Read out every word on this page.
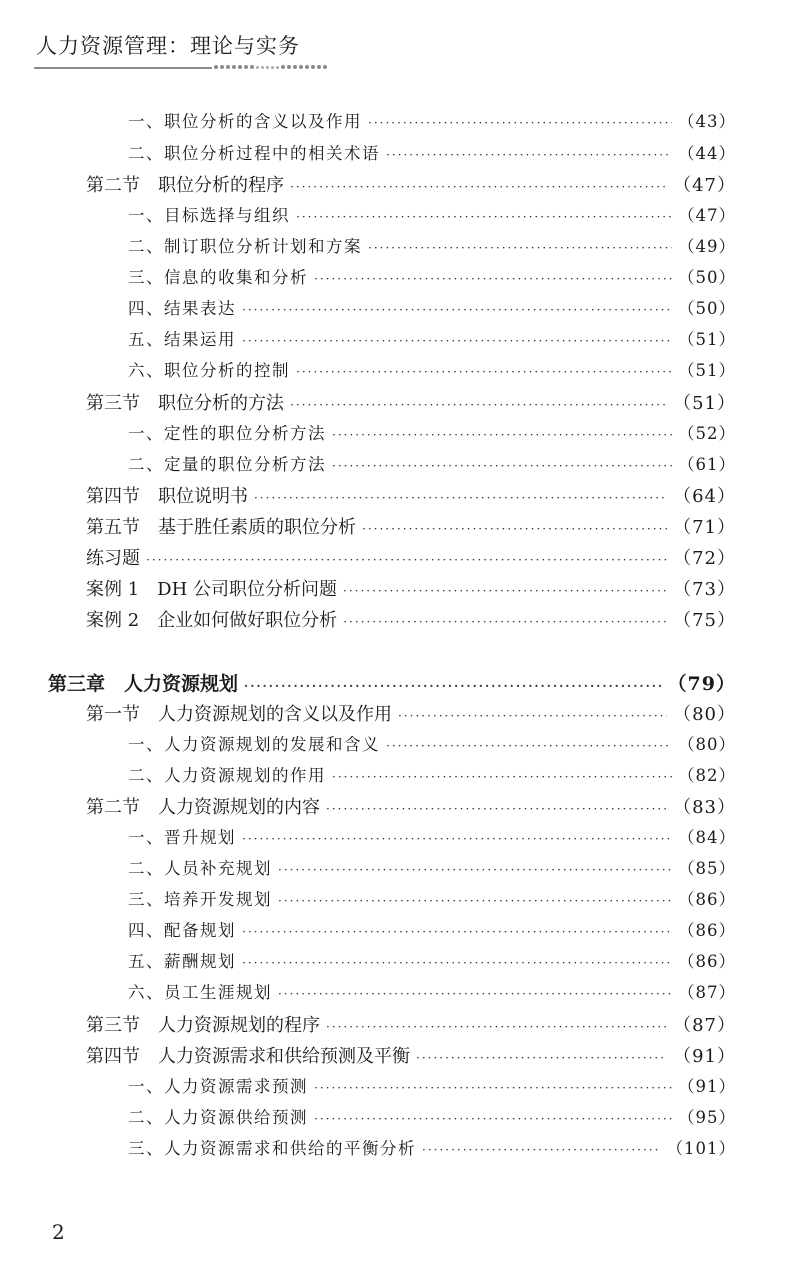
人力资源管理：理论与实务
一、职位分析的含义以及作用 ·····	（43）
二、职位分析过程中的相关术语 ·····	（44）
第二节　职位分析的程序 ·····	（47）
一、目标选择与组织 ·····	（47）
二、制订职位分析计划和方案 ·····	（49）
三、信息的收集和分析 ·····	（50）
四、结果表达 ·····	（50）
五、结果运用 ·····	（51）
六、职位分析的控制 ·····	（51）
第三节　职位分析的方法 ·····	（51）
一、定性的职位分析方法 ·····	（52）
二、定量的职位分析方法 ·····	（61）
第四节　职位说明书 ·····	（64）
第五节　基于胜任素质的职位分析 ·····	（71）
练习题 ·····	（72）
案例 1　DH 公司职位分析问题 ·····	（73）
案例 2　企业如何做好职位分析 ·····	（75）
第三章　人力资源规划 ·····	（79）
第一节　人力资源规划的含义以及作用 ·····	（80）
一、人力资源规划的发展和含义 ·····	（80）
二、人力资源规划的作用 ·····	（82）
第二节　人力资源规划的内容 ·····	（83）
一、晋升规划 ·····	（84）
二、人员补充规划 ·····	（85）
三、培养开发规划 ·····	（86）
四、配备规划 ·····	（86）
五、薪酬规划 ·····	（86）
六、员工生涯规划 ·····	（87）
第三节　人力资源规划的程序 ·····	（87）
第四节　人力资源需求和供给预测及平衡 ·····	（91）
一、人力资源需求预测 ·····	（91）
二、人力资源供给预测 ·····	（95）
三、人力资源需求和供给的平衡分析 ·····	（101）
2
